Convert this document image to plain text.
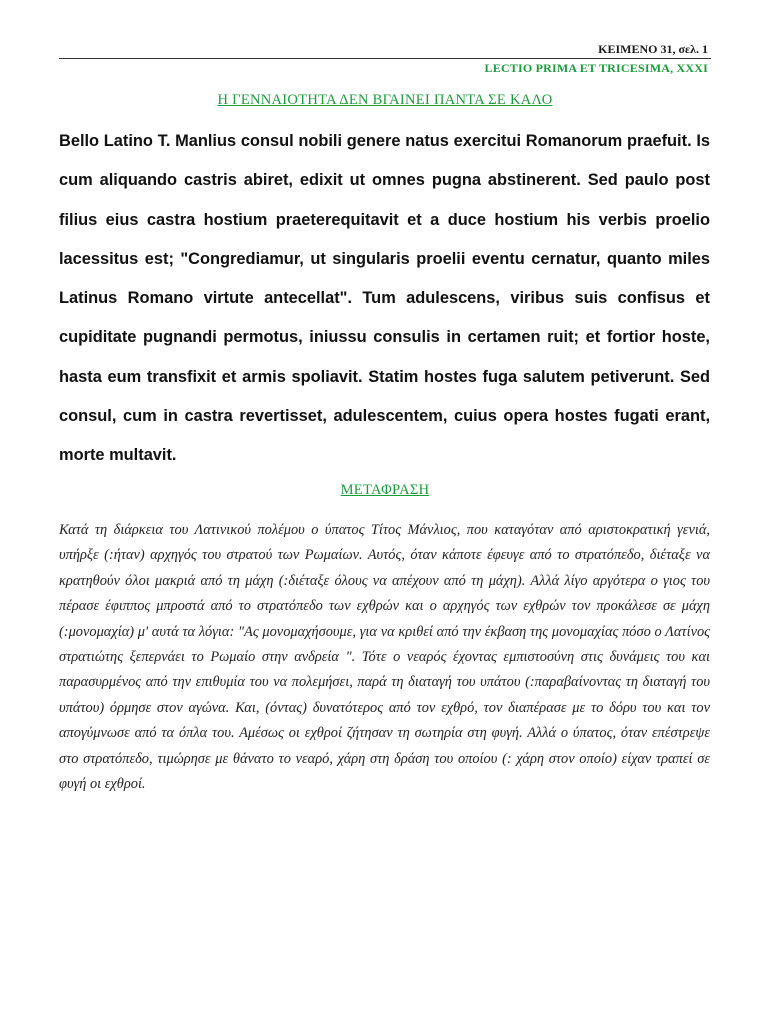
ΚΕΙΜΕΝΟ 31, σελ. 1
LECTIO PRIMA ET TRICESIMA, XXXI
Η ΓΕΝΝΑΙΟΤΗΤΑ ΔΕΝ ΒΓΑΙΝΕΙ ΠΑΝΤΑ ΣΕ ΚΑΛΟ

Bello Latino T. Manlius consul nobili genere natus exercitui Romanorum praefuit. Is cum aliquando castris abiret, edixit ut omnes pugna abstinerent. Sed paulo post filius eius castra hostium praeterequitavit et a duce hostium his verbis proelio lacessitus est; "Congrediamur, ut singularis proelii eventu cernatur, quanto miles Latinus Romano virtute antecellat". Tum adulescens, viribus suis confisus et cupiditate pugnandi permotus, iniussu consulis in certamen ruit; et fortior hoste, hasta eum transfixit et armis spoliavit. Statim hostes fuga salutem petiverunt. Sed consul, cum in castra revertisset, adulescentem, cuius opera hostes fugati erant, morte multavit.

ΜΕΤΑΦΡΑΣΗ

Κατά τη διάρκεια του Λατινικού πολέμου ο ύπατος Τίτος Μάνλιος, που καταγόταν από αριστοκρατική γενιά, υπήρξε (:ήταν) αρχηγός του στρατού των Ρωμαίων. Αυτός, όταν κάποτε έφευγε από το στρατόπεδο, διέταξε να κρατηθούν όλοι μακριά από τη μάχη (:διέταξε όλους να απέχουν από τη μάχη). Αλλά λίγο αργότερα ο γιος του πέρασε έφιππος μπροστά από το στρατόπεδο των εχθρών και ο αρχηγός των εχθρών τον προκάλεσε σε μάχη (:μονομαχία) μ' αυτά τα λόγια: "Ας μονομαχήσουμε, για να κριθεί από την έκβαση της μονομαχίας πόσο ο Λατίνος στρατιώτης ξεπερνάει το Ρωμαίο στην ανδρεία ". Τότε ο νεαρός έχοντας εμπιστοσύνη στις δυνάμεις του και παρασυρμένος από την επιθυμία του να πολεμήσει, παρά τη διαταγή του υπάτου (:παραβαίνοντας τη διαταγή του υπάτου) όρμησε στον αγώνα. Και, (όντας) δυνατότερος από τον εχθρό, τον διαπέρασε με το δόρυ του και τον απογύμνωσε από τα όπλα του. Αμέσως οι εχθροί ζήτησαν τη σωτηρία στη φυγή. Αλλά ο ύπατος, όταν επέστρεψε στο στρατόπεδο, τιμώρησε με θάνατο το νεαρό, χάρη στη δράση του οποίου (: χάρη στον οποίο) είχαν τραπεί σε φυγή οι εχθροί.
